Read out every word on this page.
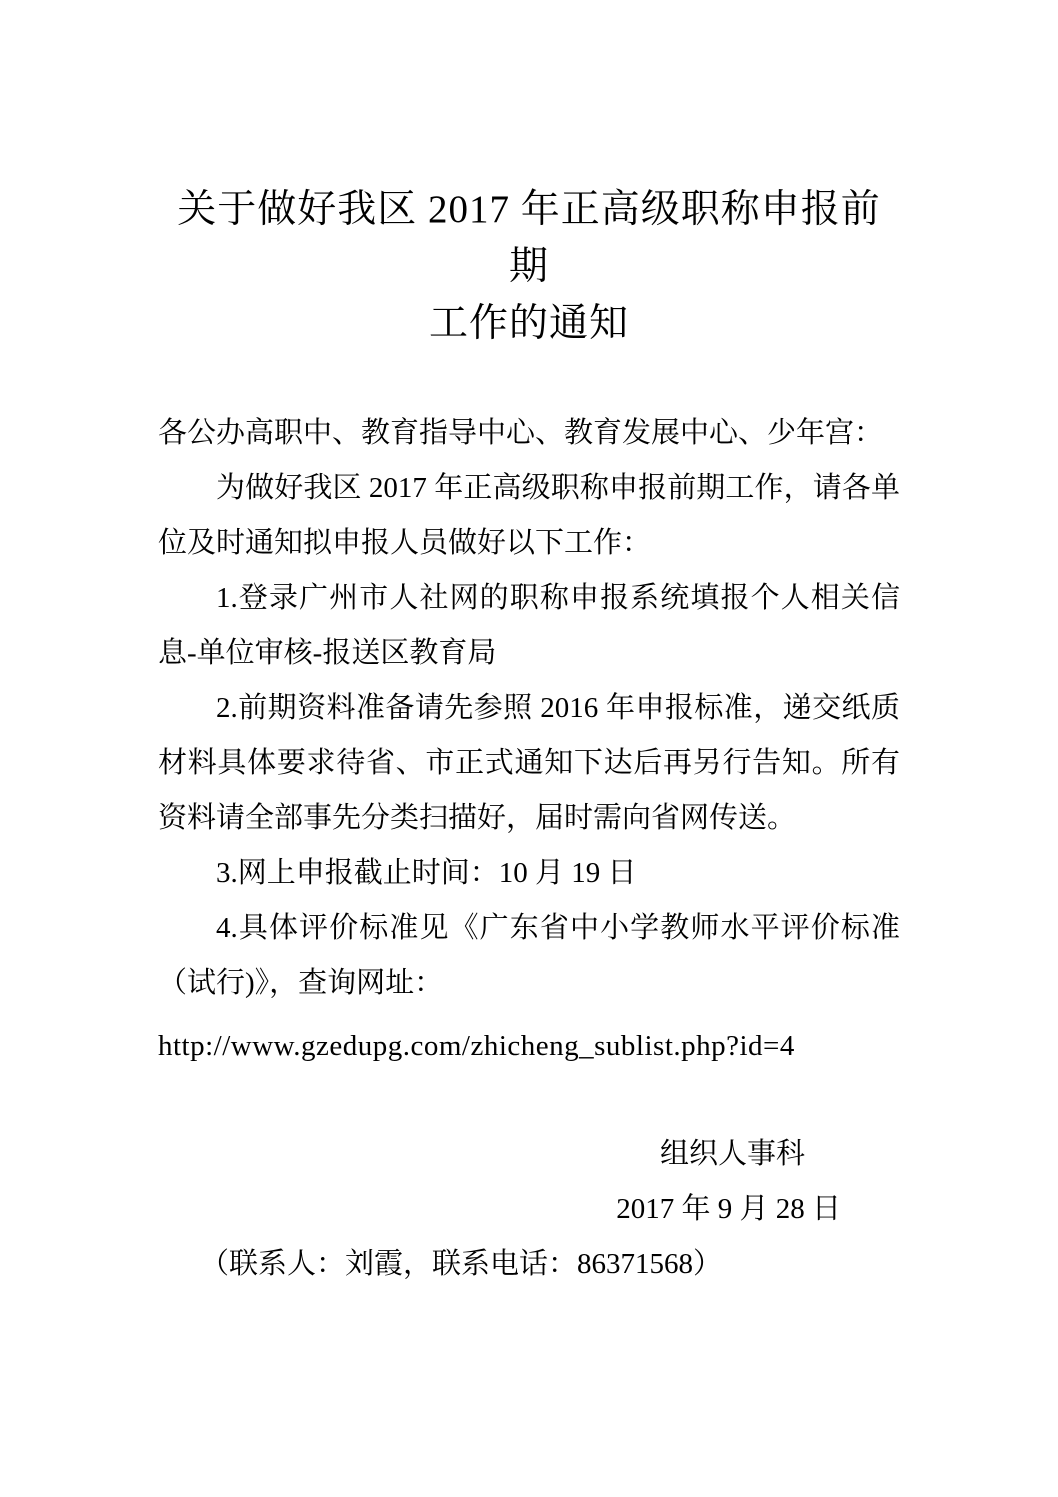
关于做好我区 2017 年正高级职称申报前期
工作的通知

各公办高职中、教育指导中心、教育发展中心、少年宫：

为做好我区 2017 年正高级职称申报前期工作，请各单位及时通知拟申报人员做好以下工作：

1.登录广州市人社网的职称申报系统填报个人相关信息-单位审核-报送区教育局

2.前期资料准备请先参照 2016 年申报标准，递交纸质材料具体要求待省、市正式通知下达后再另行告知。所有资料请全部事先分类扫描好，届时需向省网传送。

3.网上申报截止时间：10 月 19 日

4.具体评价标准见《广东省中小学教师水平评价标准（试行)》，查询网址：

http://www.gzedupg.com/zhicheng_sublist.php?id=4

组织人事科

2017 年 9 月 28 日

（联系人：刘霞，联系电话：86371568）
